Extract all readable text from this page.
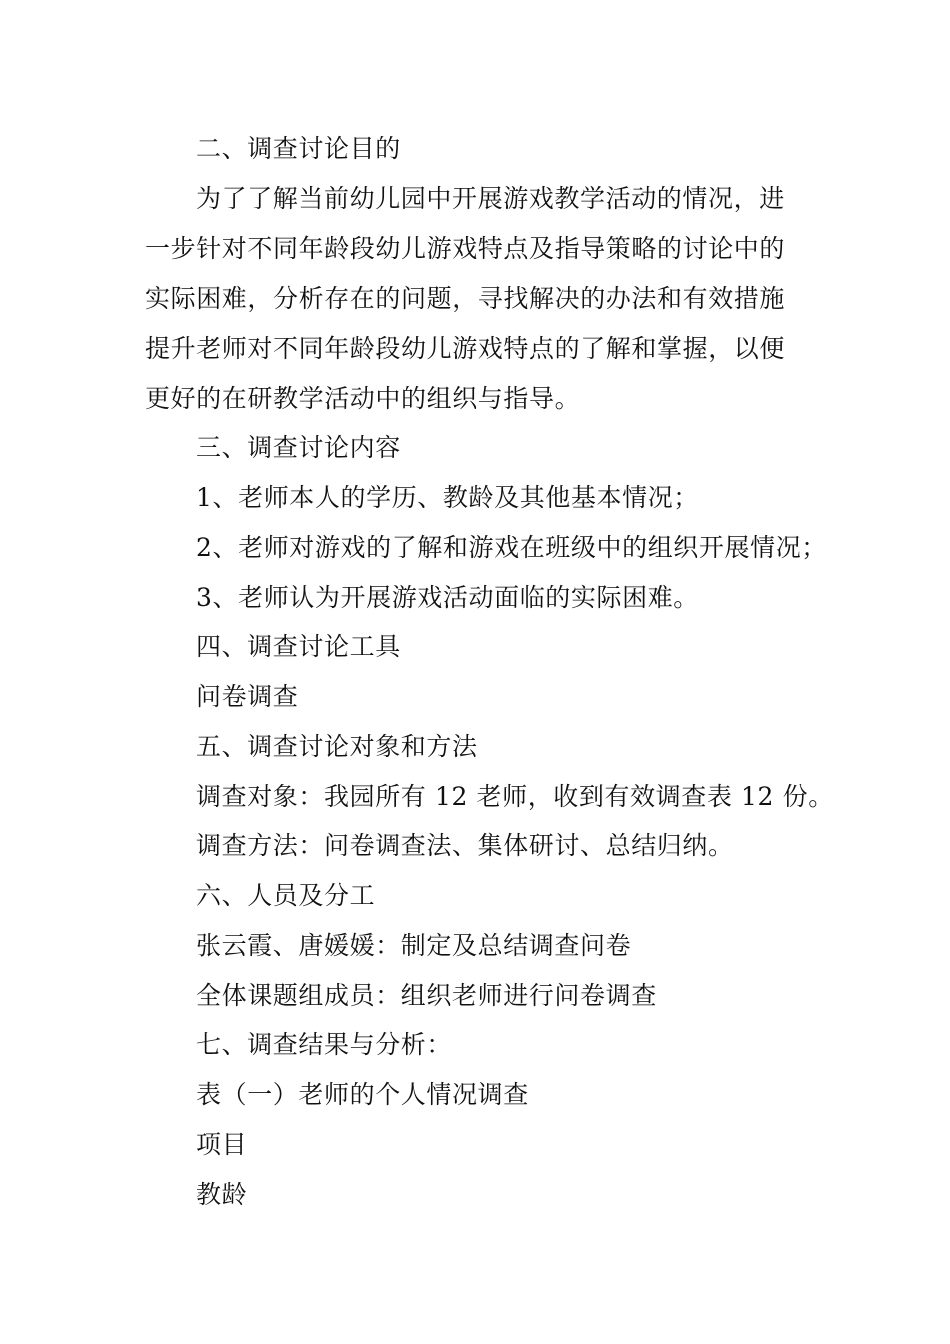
二、调查讨论目的
为了了解当前幼儿园中开展游戏教学活动的情况，进
一步针对不同年龄段幼儿游戏特点及指导策略的讨论中的
实际困难，分析存在的问题，寻找解决的办法和有效措施
提升老师对不同年龄段幼儿游戏特点的了解和掌握，以便
更好的在研教学活动中的组织与指导。
三、调查讨论内容
1、老师本人的学历、教龄及其他基本情况；
2、老师对游戏的了解和游戏在班级中的组织开展情况；
3、老师认为开展游戏活动面临的实际困难。
四、调查讨论工具
问卷调查
五、调查讨论对象和方法
调查对象：我园所有 12 老师，收到有效调查表 12 份。
调查方法：问卷调查法、集体研讨、总结归纳。
六、人员及分工
张云霞、唐媛媛：制定及总结调查问卷
全体课题组成员：组织老师进行问卷调查
七、调查结果与分析：
表（一）老师的个人情况调查
项目
教龄
